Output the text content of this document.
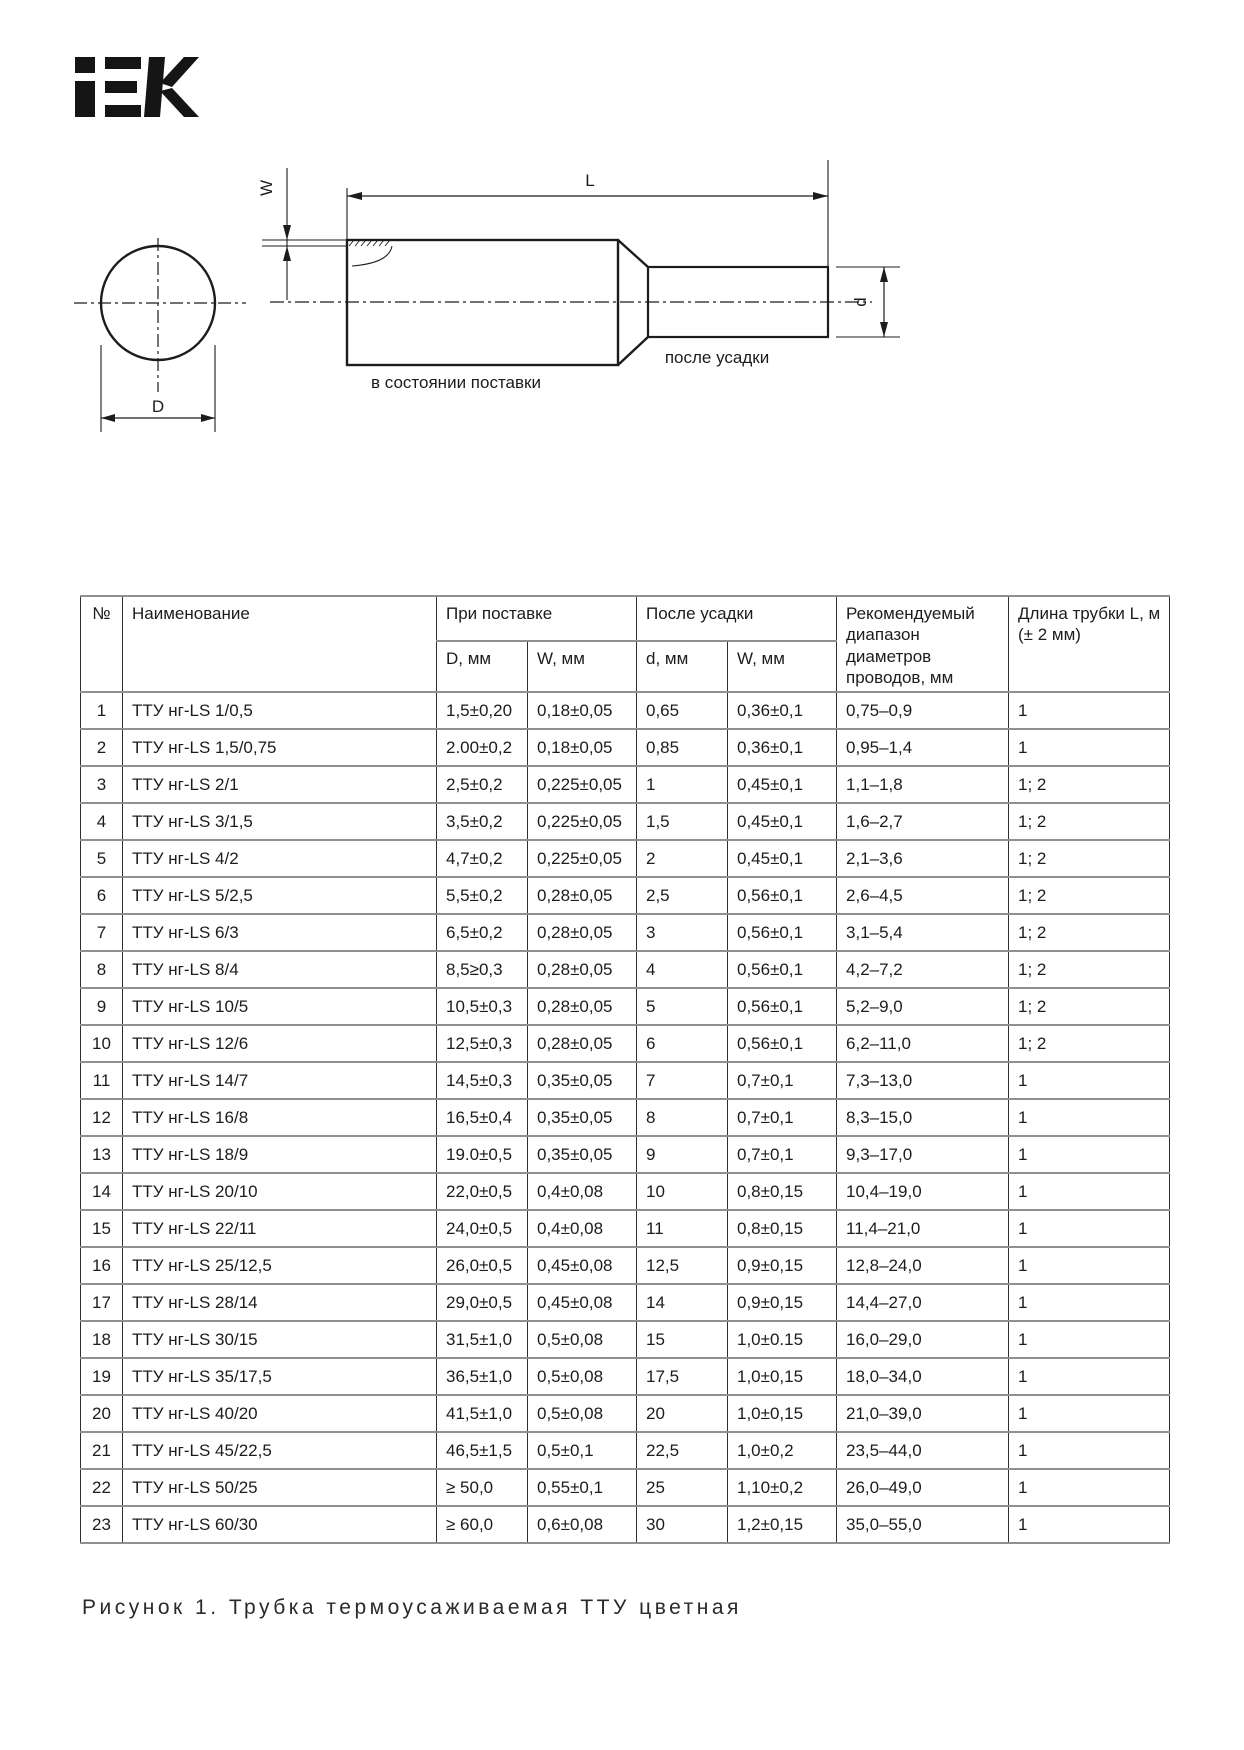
D
W	L
d
в состоянии поставки
после усадки
№	Наименование	При поставке		После усадки		Рекомендуемый диапазон диаметров проводов, мм	Длина трубки L, м (± 2 мм)
		D, мм	W, мм	d, мм	W, мм		
1	ТТУ нг-LS 1/0,5	1,5±0,20	0,18±0,05	0,65	0,36±0,1	0,75–0,9	1
2	ТТУ нг-LS 1,5/0,75	2.00±0,2	0,18±0,05	0,85	0,36±0,1	0,95–1,4	1
3	ТТУ нг-LS 2/1	2,5±0,2	0,225±0,05	1	0,45±0,1	1,1–1,8	1; 2
4	ТТУ нг-LS 3/1,5	3,5±0,2	0,225±0,05	1,5	0,45±0,1	1,6–2,7	1; 2
5	ТТУ нг-LS 4/2	4,7±0,2	0,225±0,05	2	0,45±0,1	2,1–3,6	1; 2
6	ТТУ нг-LS 5/2,5	5,5±0,2	0,28±0,05	2,5	0,56±0,1	2,6–4,5	1; 2
7	ТТУ нг-LS 6/3	6,5±0,2	0,28±0,05	3	0,56±0,1	3,1–5,4	1; 2
8	ТТУ нг-LS 8/4	8,5≥0,3	0,28±0,05	4	0,56±0,1	4,2–7,2	1; 2
9	ТТУ нг-LS 10/5	10,5±0,3	0,28±0,05	5	0,56±0,1	5,2–9,0	1; 2
10	ТТУ нг-LS 12/6	12,5±0,3	0,28±0,05	6	0,56±0,1	6,2–11,0	1; 2
11	ТТУ нг-LS 14/7	14,5±0,3	0,35±0,05	7	0,7±0,1	7,3–13,0	1
12	ТТУ нг-LS 16/8	16,5±0,4	0,35±0,05	8	0,7±0,1	8,3–15,0	1
13	ТТУ нг-LS 18/9	19.0±0,5	0,35±0,05	9	0,7±0,1	9,3–17,0	1
14	ТТУ нг-LS 20/10	22,0±0,5	0,4±0,08	10	0,8±0,15	10,4–19,0	1
15	ТТУ нг-LS 22/11	24,0±0,5	0,4±0,08	11	0,8±0,15	11,4–21,0	1
16	ТТУ нг-LS 25/12,5	26,0±0,5	0,45±0,08	12,5	0,9±0,15	12,8–24,0	1
17	ТТУ нг-LS 28/14	29,0±0,5	0,45±0,08	14	0,9±0,15	14,4–27,0	1
18	ТТУ нг-LS 30/15	31,5±1,0	0,5±0,08	15	1,0±0.15	16,0–29,0	1
19	ТТУ нг-LS 35/17,5	36,5±1,0	0,5±0,08	17,5	1,0±0,15	18,0–34,0	1
20	ТТУ нг-LS 40/20	41,5±1,0	0,5±0,08	20	1,0±0,15	21,0–39,0	1
21	ТТУ нг-LS 45/22,5	46,5±1,5	0,5±0,1	22,5	1,0±0,2	23,5–44,0	1
22	ТТУ нг-LS 50/25	≥ 50,0	0,55±0,1	25	1,10±0,2	26,0–49,0	1
23	ТТУ нг-LS 60/30	≥ 60,0	0,6±0,08	30	1,2±0,15	35,0–55,0	1
Рисунок 1. Трубка термоусаживаемая ТТУ цветная
